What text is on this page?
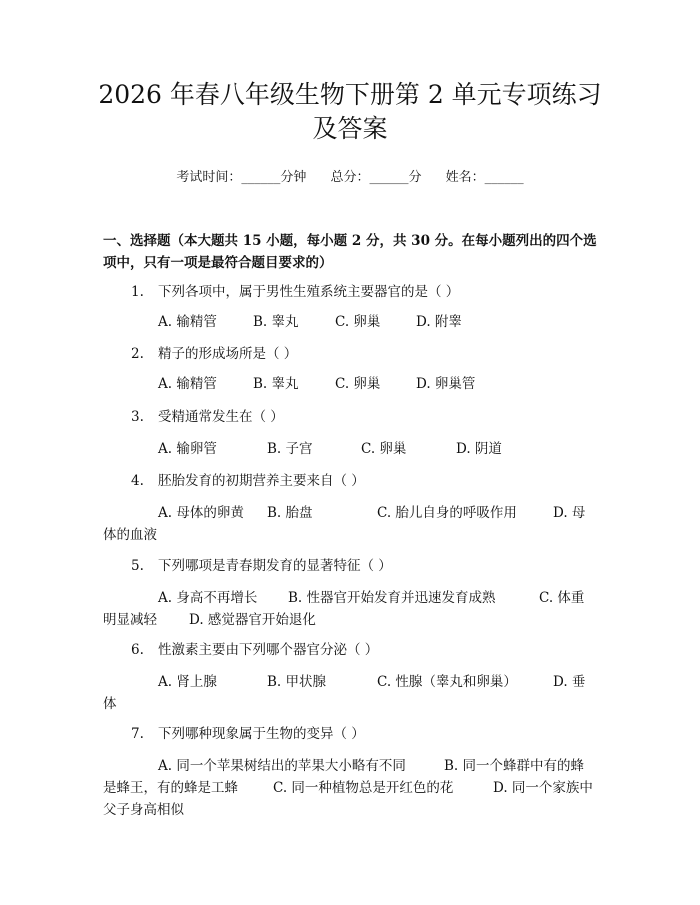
2026 年春八年级生物下册第 2 单元专项练习
及答案
考试时间：______分钟 总分：______分 姓名：______
一、选择题（本大题共 15 小题，每小题 2 分，共 30 分。在每小题列出的四个选
项中，只有一项是最符合题目要求的）
1. 下列各项中，属于男性生殖系统主要器官的是（ ）
A. 输精管	B. 睾丸	C. 卵巢	D. 附睾
2. 精子的形成场所是（ ）
A. 输精管	B. 睾丸	C. 卵巢	D. 卵巢管
3. 受精通常发生在（ ）
A. 输卵管	B. 子宫	C. 卵巢	D. 阴道
4. 胚胎发育的初期营养主要来自（ ）
A. 母体的卵黄 B. 胎盘	C. 胎儿自身的呼吸作用	D. 母
体的血液
5. 下列哪项是青春期发育的显著特征（ ）
A. 身高不再增长 B. 性器官开始发育并迅速发育成熟	C. 体重
明显减轻 D. 感觉器官开始退化
6. 性激素主要由下列哪个器官分泌（ ）
A. 肾上腺	B. 甲状腺	C. 性腺（睾丸和卵巢）	D. 垂
体
7. 下列哪种现象属于生物的变异（ ）
A. 同一个苹果树结出的苹果大小略有不同	B. 同一个蜂群中有的蜂
是蜂王，有的蜂是工蜂	C. 同一种植物总是开红色的花	D. 同一个家族中
父子身高相似
